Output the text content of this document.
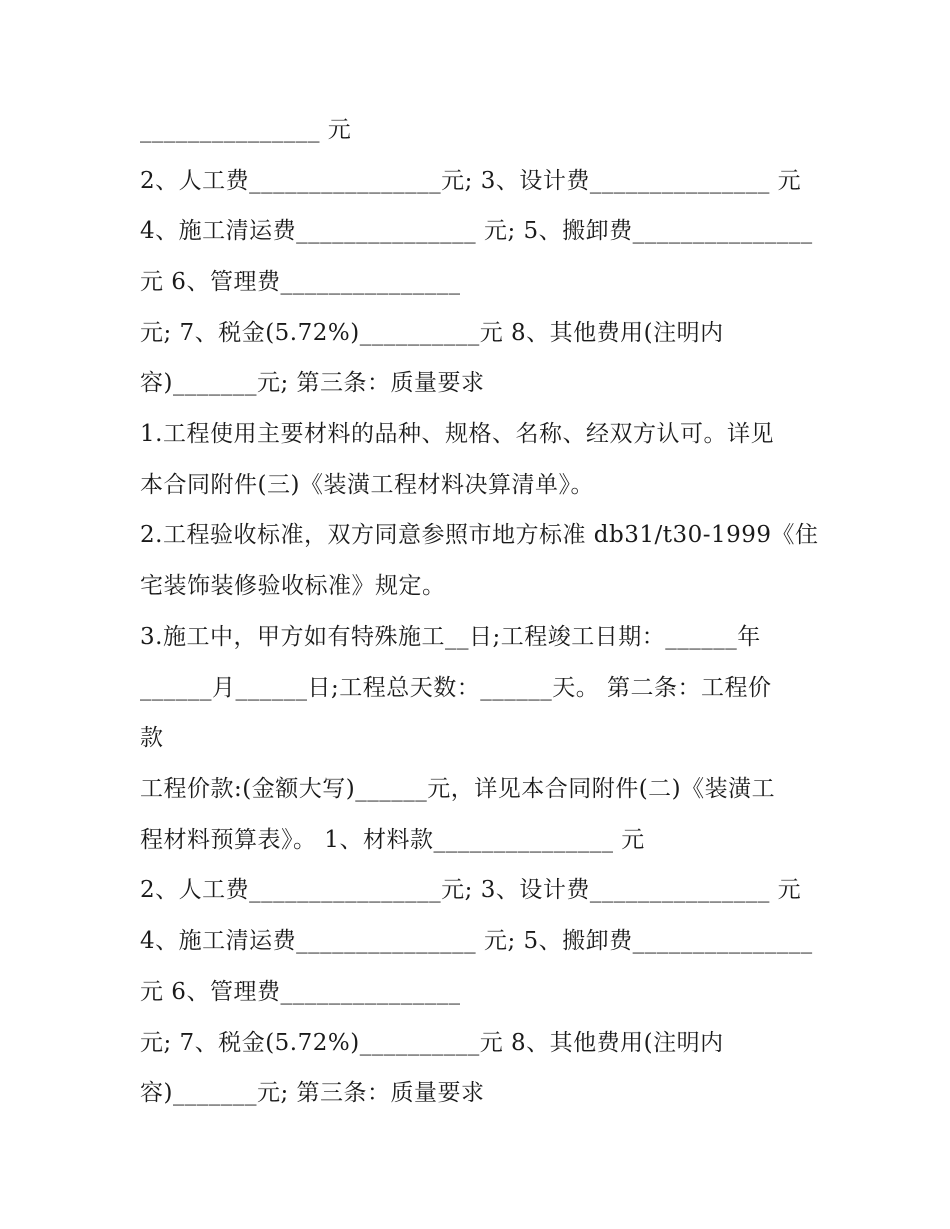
_______________ 元
2、人工费________________元; 3、设计费_______________ 元
4、施工清运费_______________ 元; 5、搬卸费_______________
元 6、管理费_______________
元; 7、税金(5.72%)__________元 8、其他费用(注明内
容)_______元; 第三条：质量要求
1.工程使用主要材料的品种、规格、名称、经双方认可。详见
本合同附件(三)《装潢工程材料决算清单》。
2.工程验收标准，双方同意参照市地方标准 db31/t30-1999《住
宅装饰装修验收标准》规定。
3.施工中，甲方如有特殊施工__日;工程竣工日期：______年
______月______日;工程总天数：______天。 第二条：工程价
款
工程价款:(金额大写)______元，详见本合同附件(二)《装潢工
程材料预算表》。 1、材料款_______________ 元
2、人工费________________元; 3、设计费_______________ 元
4、施工清运费_______________ 元; 5、搬卸费_______________
元 6、管理费_______________
元; 7、税金(5.72%)__________元 8、其他费用(注明内
容)_______元; 第三条：质量要求
